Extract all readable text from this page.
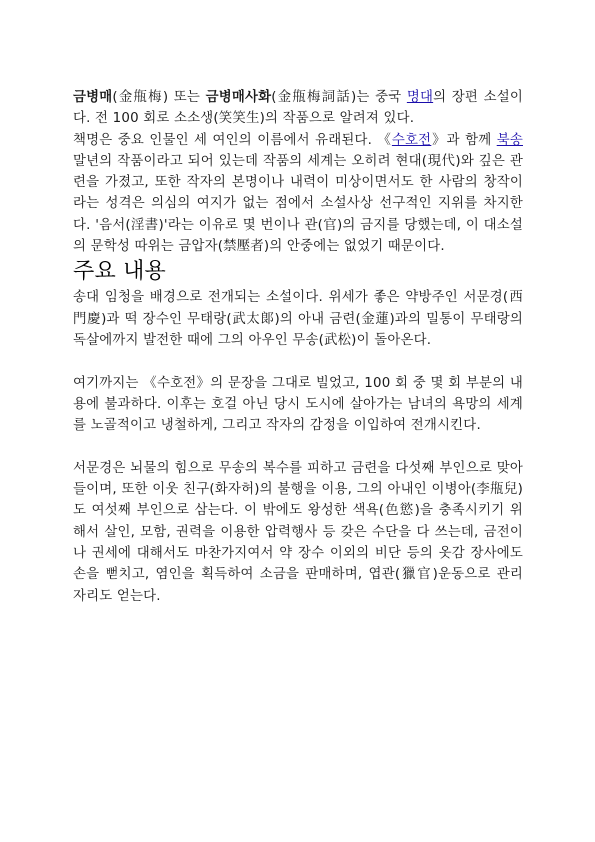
금병매(金甁梅) 또는 금병매사화(金甁梅詞話)는 중국 명대의 장편 소설이다. 전 100 회로 소소생(笑笑生)의 작품으로 알려져 있다.

책명은 중요 인물인 세 여인의 이름에서 유래된다. 《수호전》과 함께 북송 말년의 작품이라고 되어 있는데 작품의 세계는 오히려 현대(現代)와 깊은 관련을 가졌고, 또한 작자의 본명이나 내력이 미상이면서도 한 사람의 창작이라는 성격은 의심의 여지가 없는 점에서 소설사상 선구적인 지위를 차지한다. '음서(淫書)'라는 이유로 몇 번이나 관(官)의 금지를 당했는데, 이 대소설의 문학성 따위는 금압자(禁壓者)의 안중에는 없었기 때문이다.

주요 내용

송대 임청을 배경으로 전개되는 소설이다. 위세가 좋은 약방주인 서문경(西門慶)과 떡 장수인 무태랑(武太郞)의 아내 금련(金蓮)과의 밀통이 무태랑의 독살에까지 발전한 때에 그의 아우인 무송(武松)이 돌아온다.

여기까지는 《수호전》의 문장을 그대로 빌었고, 100 회 중 몇 회 부분의 내용에 불과하다. 이후는 호걸 아닌 당시 도시에 살아가는 남녀의 욕망의 세계를 노골적이고 냉철하게, 그리고 작자의 감정을 이입하여 전개시킨다.

서문경은 뇌물의 힘으로 무송의 복수를 피하고 금련을 다섯째 부인으로 맞아들이며, 또한 이웃 친구(화자허)의 불행을 이용, 그의 아내인 이병아(李甁兒)도 여섯째 부인으로 삼는다. 이 밖에도 왕성한 색욕(色慾)을 충족시키기 위해서 살인, 모함, 권력을 이용한 압력행사 등 갖은 수단을 다 쓰는데, 금전이나 권세에 대해서도 마찬가지여서 약 장수 이외의 비단 등의 옷감 장사에도 손을 뻗치고, 염인을 획득하여 소금을 판매하며, 엽관(獵官)운동으로 관리 자리도 얻는다.
